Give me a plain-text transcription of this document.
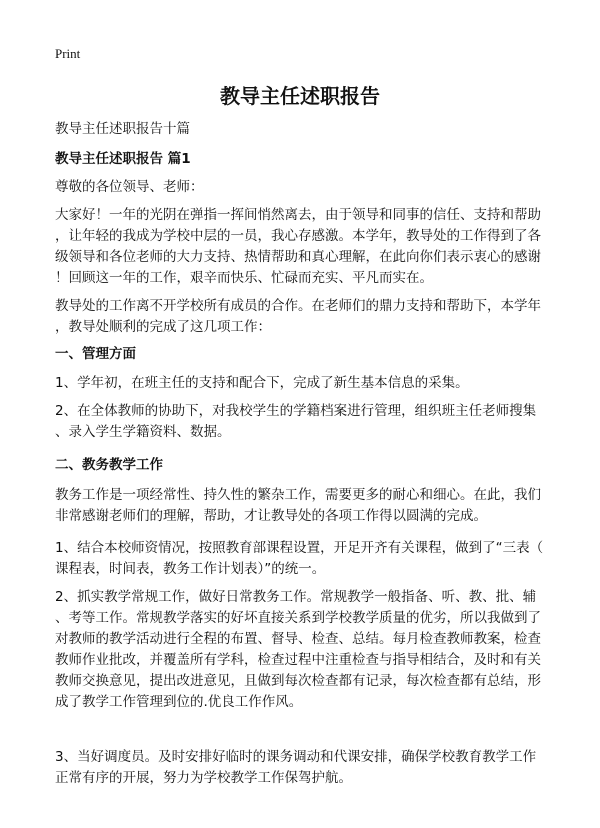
Print
教导主任述职报告
教导主任述职报告十篇
教导主任述职报告 篇1
尊敬的各位领导、老师：
大家好！一年的光阴在弹指一挥间悄然离去，由于领导和同事的信任、支持和帮助
，让年轻的我成为学校中层的一员，我心存感激。本学年，教导处的工作得到了各
级领导和各位老师的大力支持、热情帮助和真心理解，在此向你们表示衷心的感谢
！回顾这一年的工作，艰辛而快乐、忙碌而充实、平凡而实在。
教导处的工作离不开学校所有成员的合作。在老师们的鼎力支持和帮助下，本学年
，教导处顺利的完成了这几项工作：
一、管理方面
1、学年初，在班主任的支持和配合下，完成了新生基本信息的采集。
2、在全体教师的协助下，对我校学生的学籍档案进行管理，组织班主任老师搜集
、录入学生学籍资料、数据。
二、教务教学工作
教务工作是一项经常性、持久性的繁杂工作，需要更多的耐心和细心。在此，我们
非常感谢老师们的理解，帮助，才让教导处的各项工作得以圆满的完成。
1、结合本校师资情况，按照教育部课程设置，开足开齐有关课程，做到了“三表（
课程表，时间表，教务工作计划表）”的统一。
2、抓实教学常规工作，做好日常教务工作。常规教学一般指备、听、教、批、辅
、考等工作。常规教学落实的好坏直接关系到学校教学质量的优劣，所以我做到了
对教师的教学活动进行全程的布置、督导、检查、总结。每月检查教师教案，检查
教师作业批改，并覆盖所有学科，检查过程中注重检查与指导相结合，及时和有关
教师交换意见，提出改进意见，且做到每次检查都有记录，每次检查都有总结，形
成了教学工作管理到位的.优良工作作风。
3、当好调度员。及时安排好临时的课务调动和代课安排，确保学校教育教学工作
正常有序的开展，努力为学校教学工作保驾护航。
